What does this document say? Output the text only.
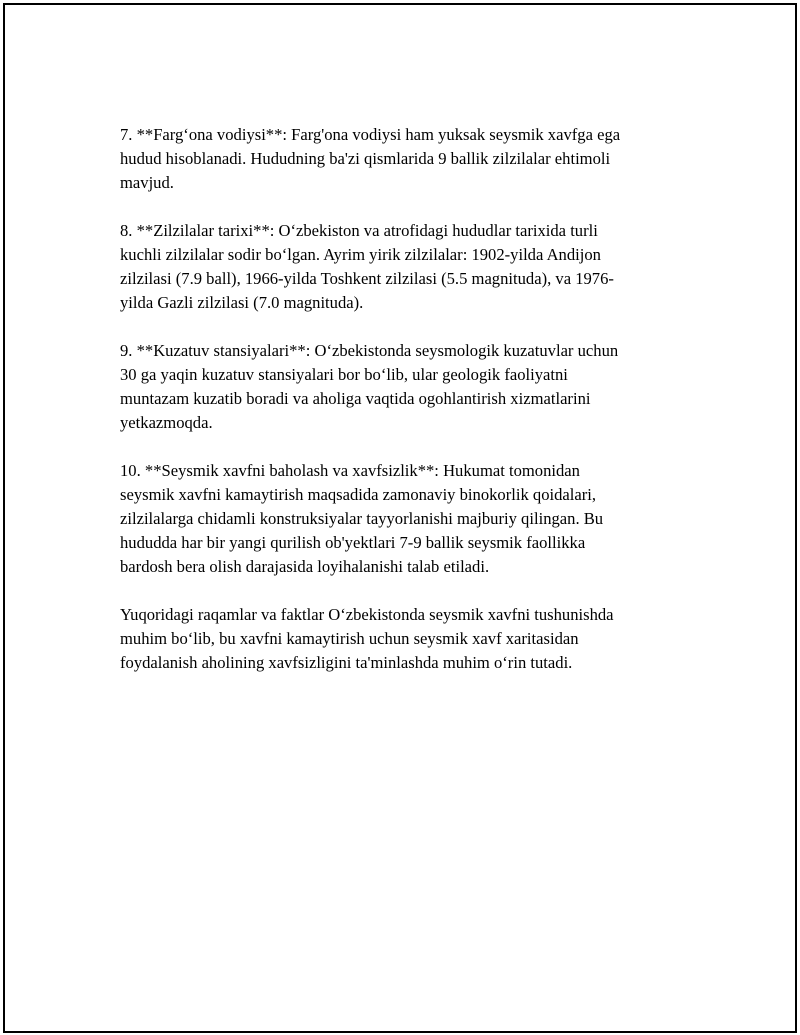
7. **Farg‘ona vodiysi**: Farg'ona vodiysi ham yuksak seysmik xavfga ega
hudud hisoblanadi. Hududning ba'zi qismlarida 9 ballik zilzilalar ehtimoli
mavjud.

8. **Zilzilalar tarixi**: O‘zbekiston va atrofidagi hududlar tarixida turli
kuchli zilzilalar sodir bo‘lgan. Ayrim yirik zilzilalar: 1902-yilda Andijon
zilzilasi (7.9 ball), 1966-yilda Toshkent zilzilasi (5.5 magnituda), va 1976-
yilda Gazli zilzilasi (7.0 magnituda).

9. **Kuzatuv stansiyalari**: O‘zbekistonda seysmologik kuzatuvlar uchun
30 ga yaqin kuzatuv stansiyalari bor bo‘lib, ular geologik faoliyatni
muntazam kuzatib boradi va aholiga vaqtida ogohlantirish xizmatlarini
yetkazmoqda.

10. **Seysmik xavfni baholash va xavfsizlik**: Hukumat tomonidan
seysmik xavfni kamaytirish maqsadida zamonaviy binokorlik qoidalari,
zilzilalarga chidamli konstruksiyalar tayyorlanishi majburiy qilingan. Bu
hududda har bir yangi qurilish ob'yektlari 7-9 ballik seysmik faollikka
bardosh bera olish darajasida loyihalanishi talab etiladi.

Yuqoridagi raqamlar va faktlar O‘zbekistonda seysmik xavfni tushunishda
muhim bo‘lib, bu xavfni kamaytirish uchun seysmik xavf xaritasidan
foydalanish aholining xavfsizligini ta'minlashda muhim o‘rin tutadi.
